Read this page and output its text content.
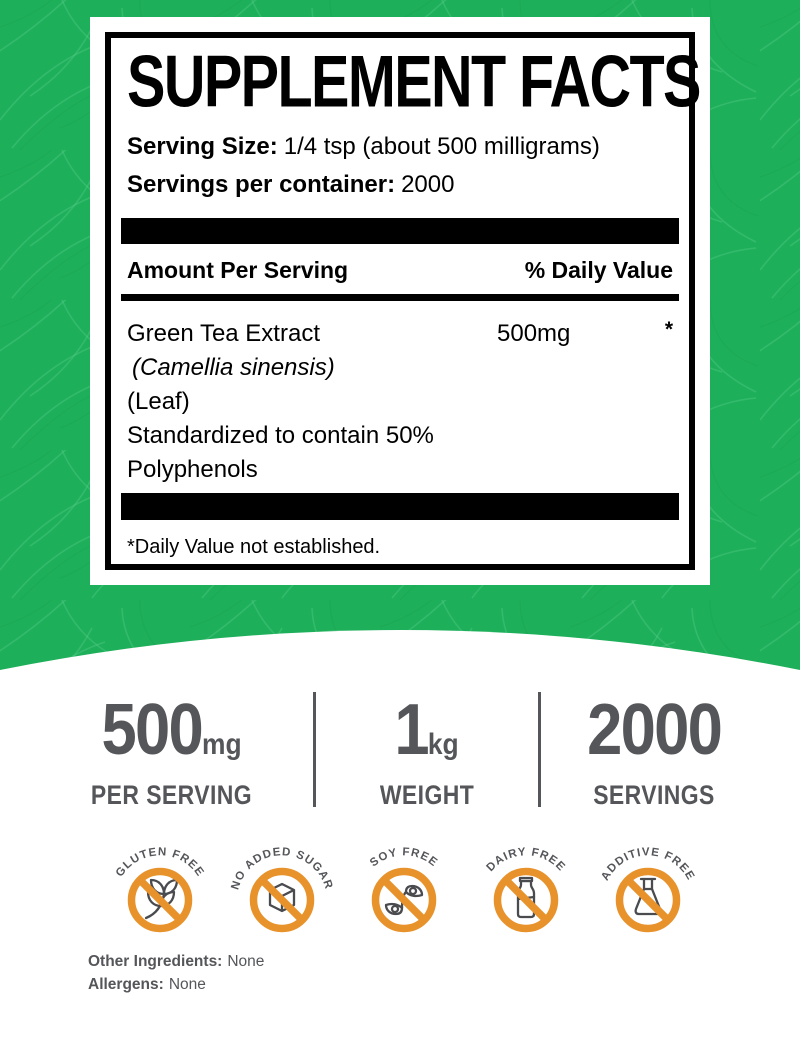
SUPPLEMENT FACTS

Serving Size: 1/4 tsp (about 500 milligrams)

Servings per container: 2000

Amount Per Serving	% Daily Value
Green Tea Extract	500mg	*
(Camellia sinensis)
(Leaf)
Standardized to contain 50%
Polyphenols

*Daily Value not established.

500mg
PER SERVING
1kg
WEIGHT
2000
SERVINGS
GLUTEN FREE
NO ADDED SUGAR
SOY FREE	DAIRY FREE
ADDITIVE FREE
Other Ingredients: None
Allergens: None
